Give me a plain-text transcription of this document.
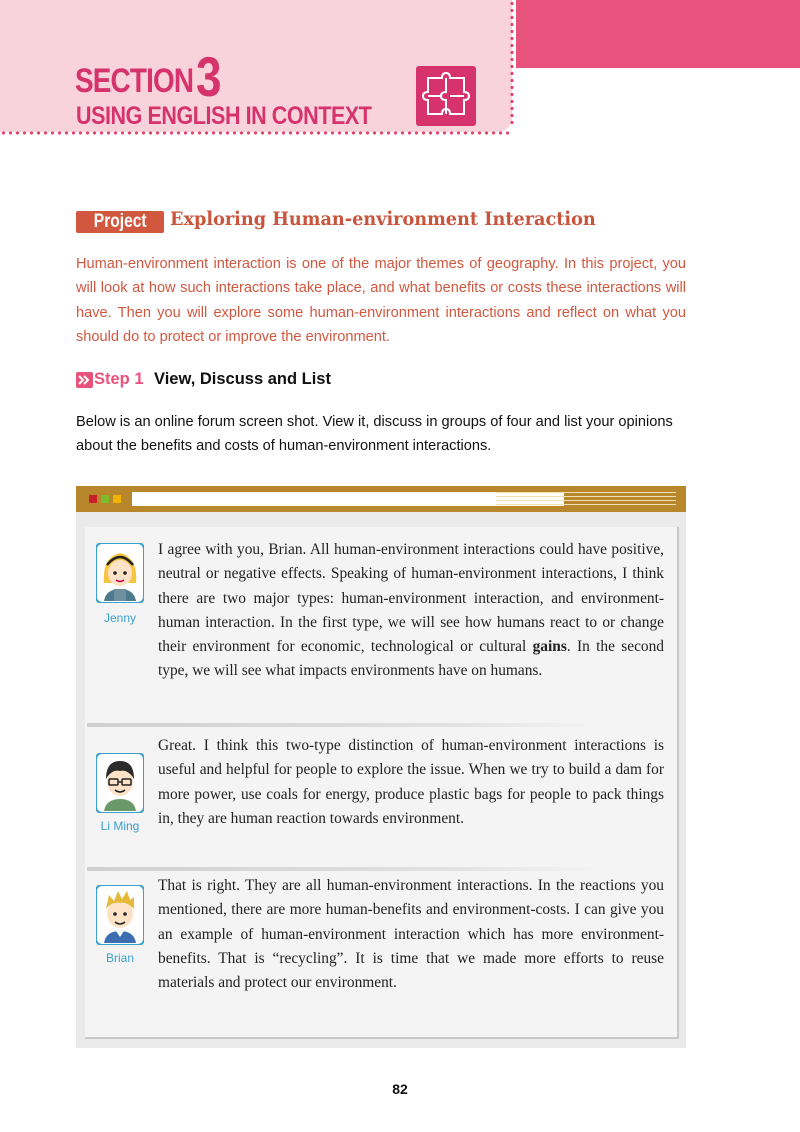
SECTION 3
USING ENGLISH IN CONTEXT
Project	Exploring Human-environment Interaction
Human-environment interaction is one of the major themes of geography. In this project, you will look at how such interactions take place, and what benefits or costs these interactions will have. Then you will explore some human-environment interactions and reflect on what you should do to protect or improve the environment.
Step 1 View, Discuss and List
Below is an online forum screen shot. View it, discuss in groups of four and list your opinions about the benefits and costs of human-environment interactions.
Jenny
I agree with you, Brian. All human-environment interactions could have positive, neutral or negative effects. Speaking of human-environment interactions, I think there are two major types: human-environment interaction, and environment-human interaction. In the first type, we will see how humans react to or change their environment for economic, technological or cultural gains. In the second type, we will see what impacts environments have on humans.
Li Ming
Great. I think this two-type distinction of human-environment interactions is useful and helpful for people to explore the issue. When we try to build a dam for more power, use coals for energy, produce plastic bags for people to pack things in, they are human reaction towards environment.
Brian
That is right. They are all human-environment interactions. In the reactions you mentioned, there are more human-benefits and environment-costs. I can give you an example of human-environment interaction which has more environment-benefits. That is “recycling”. It is time that we made more efforts to reuse materials and protect our environment.
82
